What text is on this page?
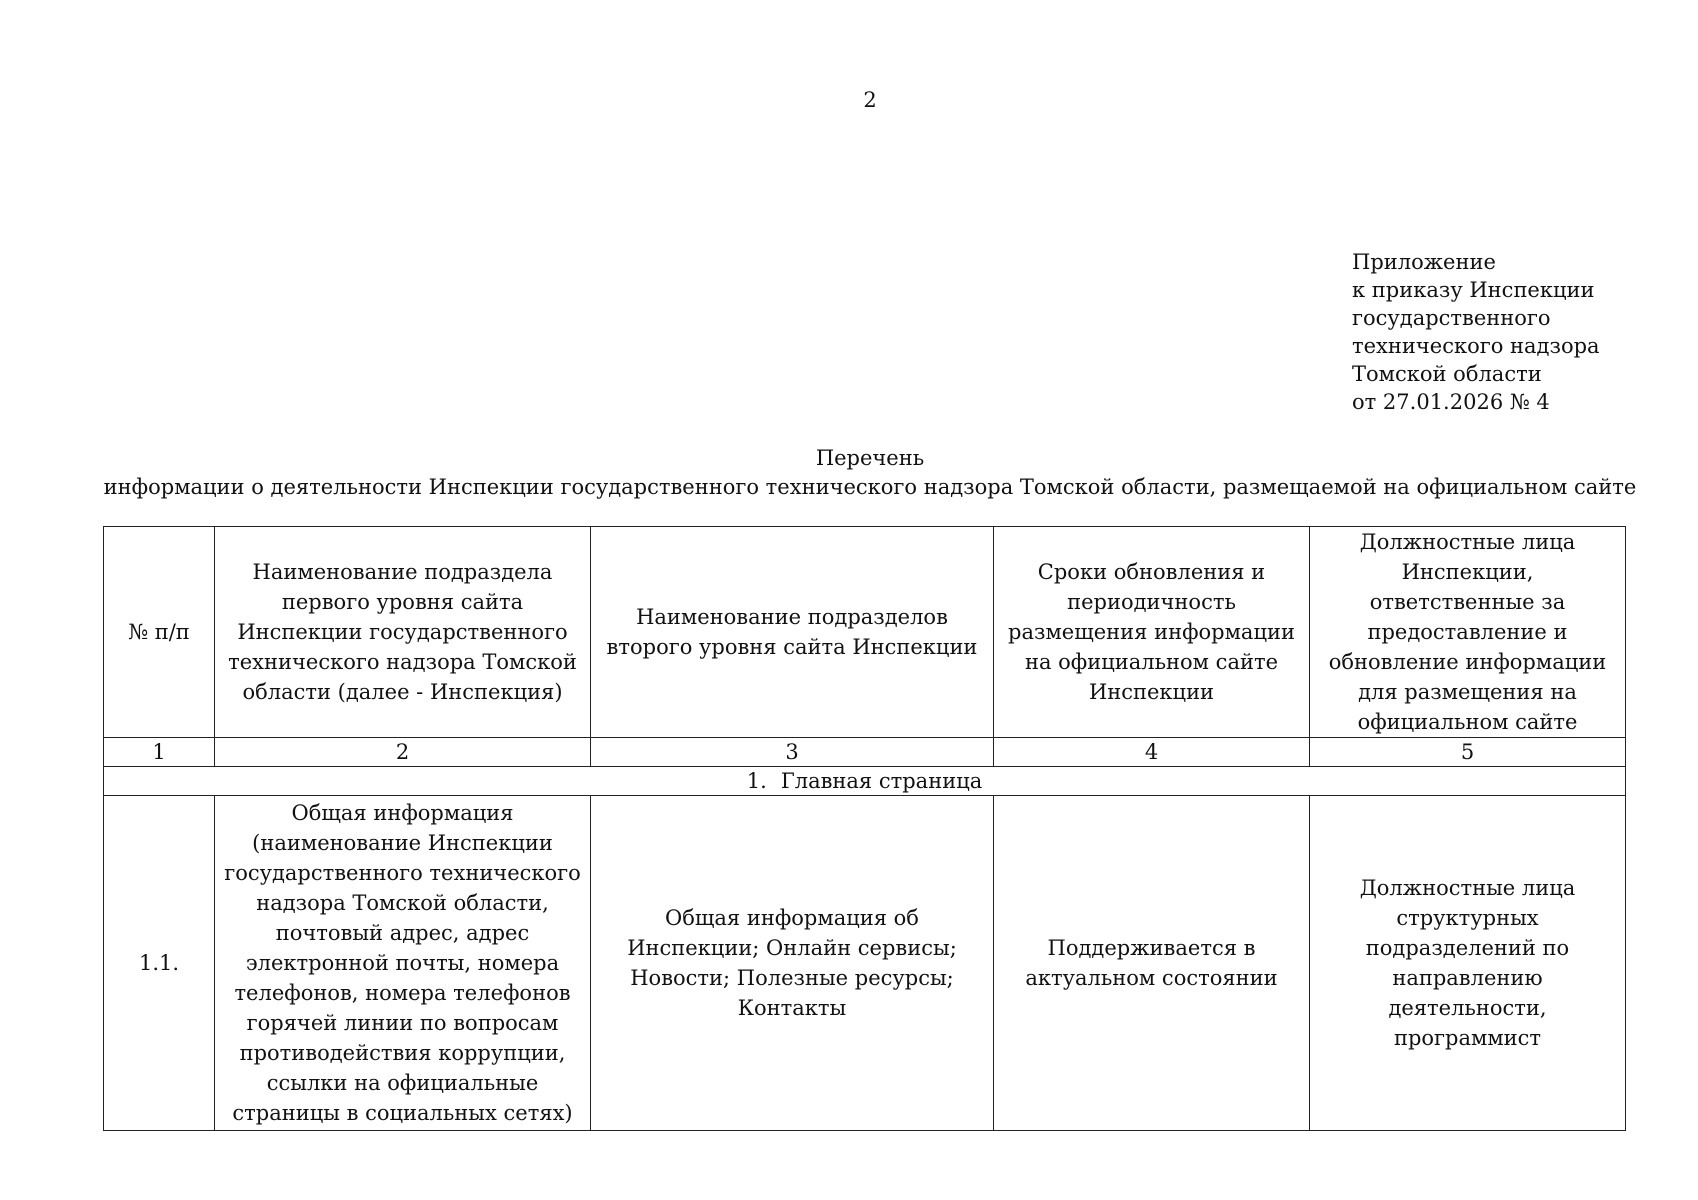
2
Приложение
к приказу Инспекции
государственного
технического надзора
Томской области
от 27.01.2026 № 4
Перечень
информации о деятельности Инспекции государственного технического надзора Томской области, размещаемой на официальном сайте
№ п/п	Наименование подраздела первого уровня сайта Инспекции государственного технического надзора Томской области (далее - Инспекция)	Наименование подразделов второго уровня сайта Инспекции	Сроки обновления и периодичность размещения информации на официальном сайте Инспекции	Должностные лица Инспекции, ответственные за предоставление и обновление информации для размещения на официальном сайте
1	2	3	4	5
1. Главная страница				
1.1.	Общая информация (наименование Инспекции государственного технического надзора Томской области, почтовый адрес, адрес электронной почты, номера телефонов, номера телефонов горячей линии по вопросам противодействия коррупции, ссылки на официальные страницы в социальных сетях)	Общая информация об Инспекции; Онлайн сервисы; Новости; Полезные ресурсы; Контакты	Поддерживается в актуальном состоянии	Должностные лица структурных подразделений по направлению деятельности, программист
